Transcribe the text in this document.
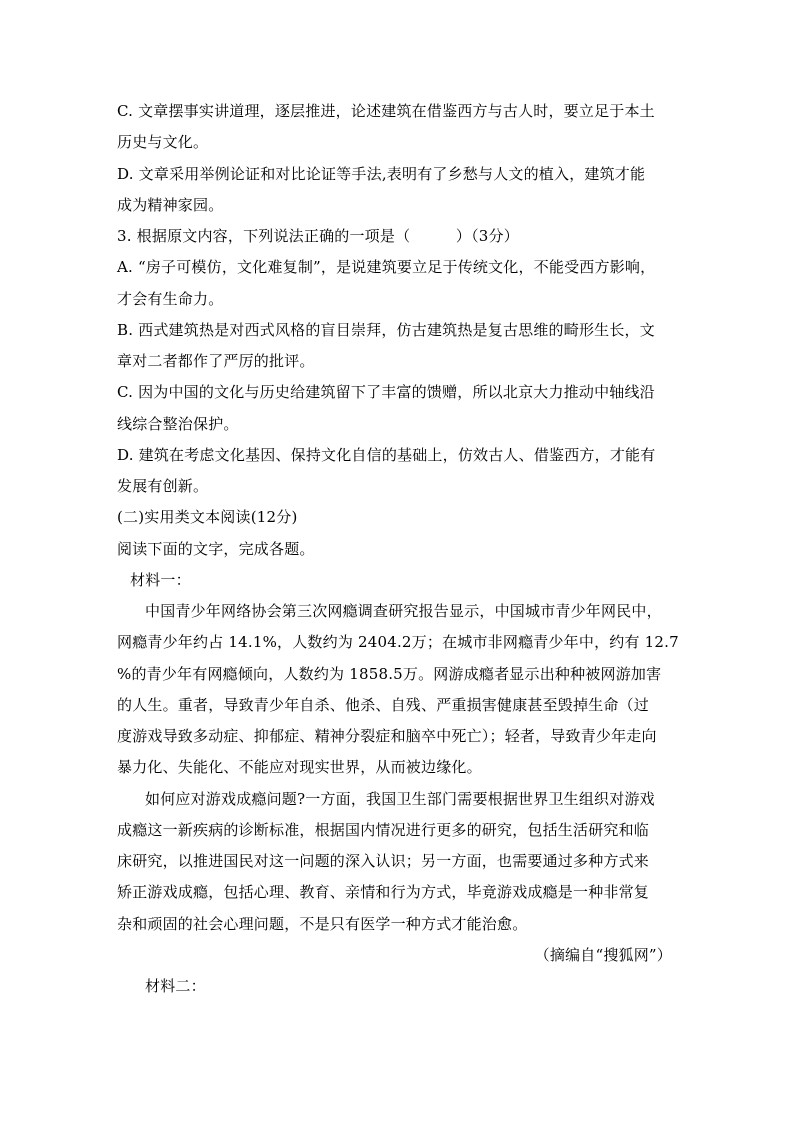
C. 文章摆事实讲道理，逐层推进，论述建筑在借鉴西方与古人时，要立足于本土
历史与文化。
D. 文章采用举例论证和对比论证等手法,表明有了乡愁与人文的植入，建筑才能
成为精神家园。
3. 根据原文内容，下列说法正确的一项是（　　　）（3分）
A. “房子可模仿，文化难复制”，是说建筑要立足于传统文化，不能受西方影响，
才会有生命力。
B. 西式建筑热是对西式风格的盲目崇拜，仿古建筑热是复古思维的畸形生长，文
章对二者都作了严厉的批评。
C. 因为中国的文化与历史给建筑留下了丰富的馈赠，所以北京大力推动中轴线沿
线综合整治保护。
D. 建筑在考虑文化基因、保持文化自信的基础上，仿效古人、借鉴西方，才能有
发展有创新。
(二)实用类文本阅读(12分)
阅读下面的文字，完成各题。
材料一：
中国青少年网络协会第三次网瘾调查研究报告显示，中国城市青少年网民中，
网瘾青少年约占 14.1%，人数约为 2404.2万；在城市非网瘾青少年中，约有 12.7
%的青少年有网瘾倾向，人数约为 1858.5万。网游成瘾者显示出种种被网游加害
的人生。重者，导致青少年自杀、他杀、自残、严重损害健康甚至毁掉生命（过
度游戏导致多动症、抑郁症、精神分裂症和脑卒中死亡）；轻者，导致青少年走向
暴力化、失能化、不能应对现实世界，从而被边缘化。
如何应对游戏成瘾问题?一方面，我国卫生部门需要根据世界卫生组织对游戏
成瘾这一新疾病的诊断标准，根据国内情况进行更多的研究，包括生活研究和临
床研究，以推进国民对这一问题的深入认识；另一方面，也需要通过多种方式来
矫正游戏成瘾，包括心理、教育、亲情和行为方式，毕竟游戏成瘾是一种非常复
杂和顽固的社会心理问题，不是只有医学一种方式才能治愈。
（摘编自“搜狐网”）
材料二：
